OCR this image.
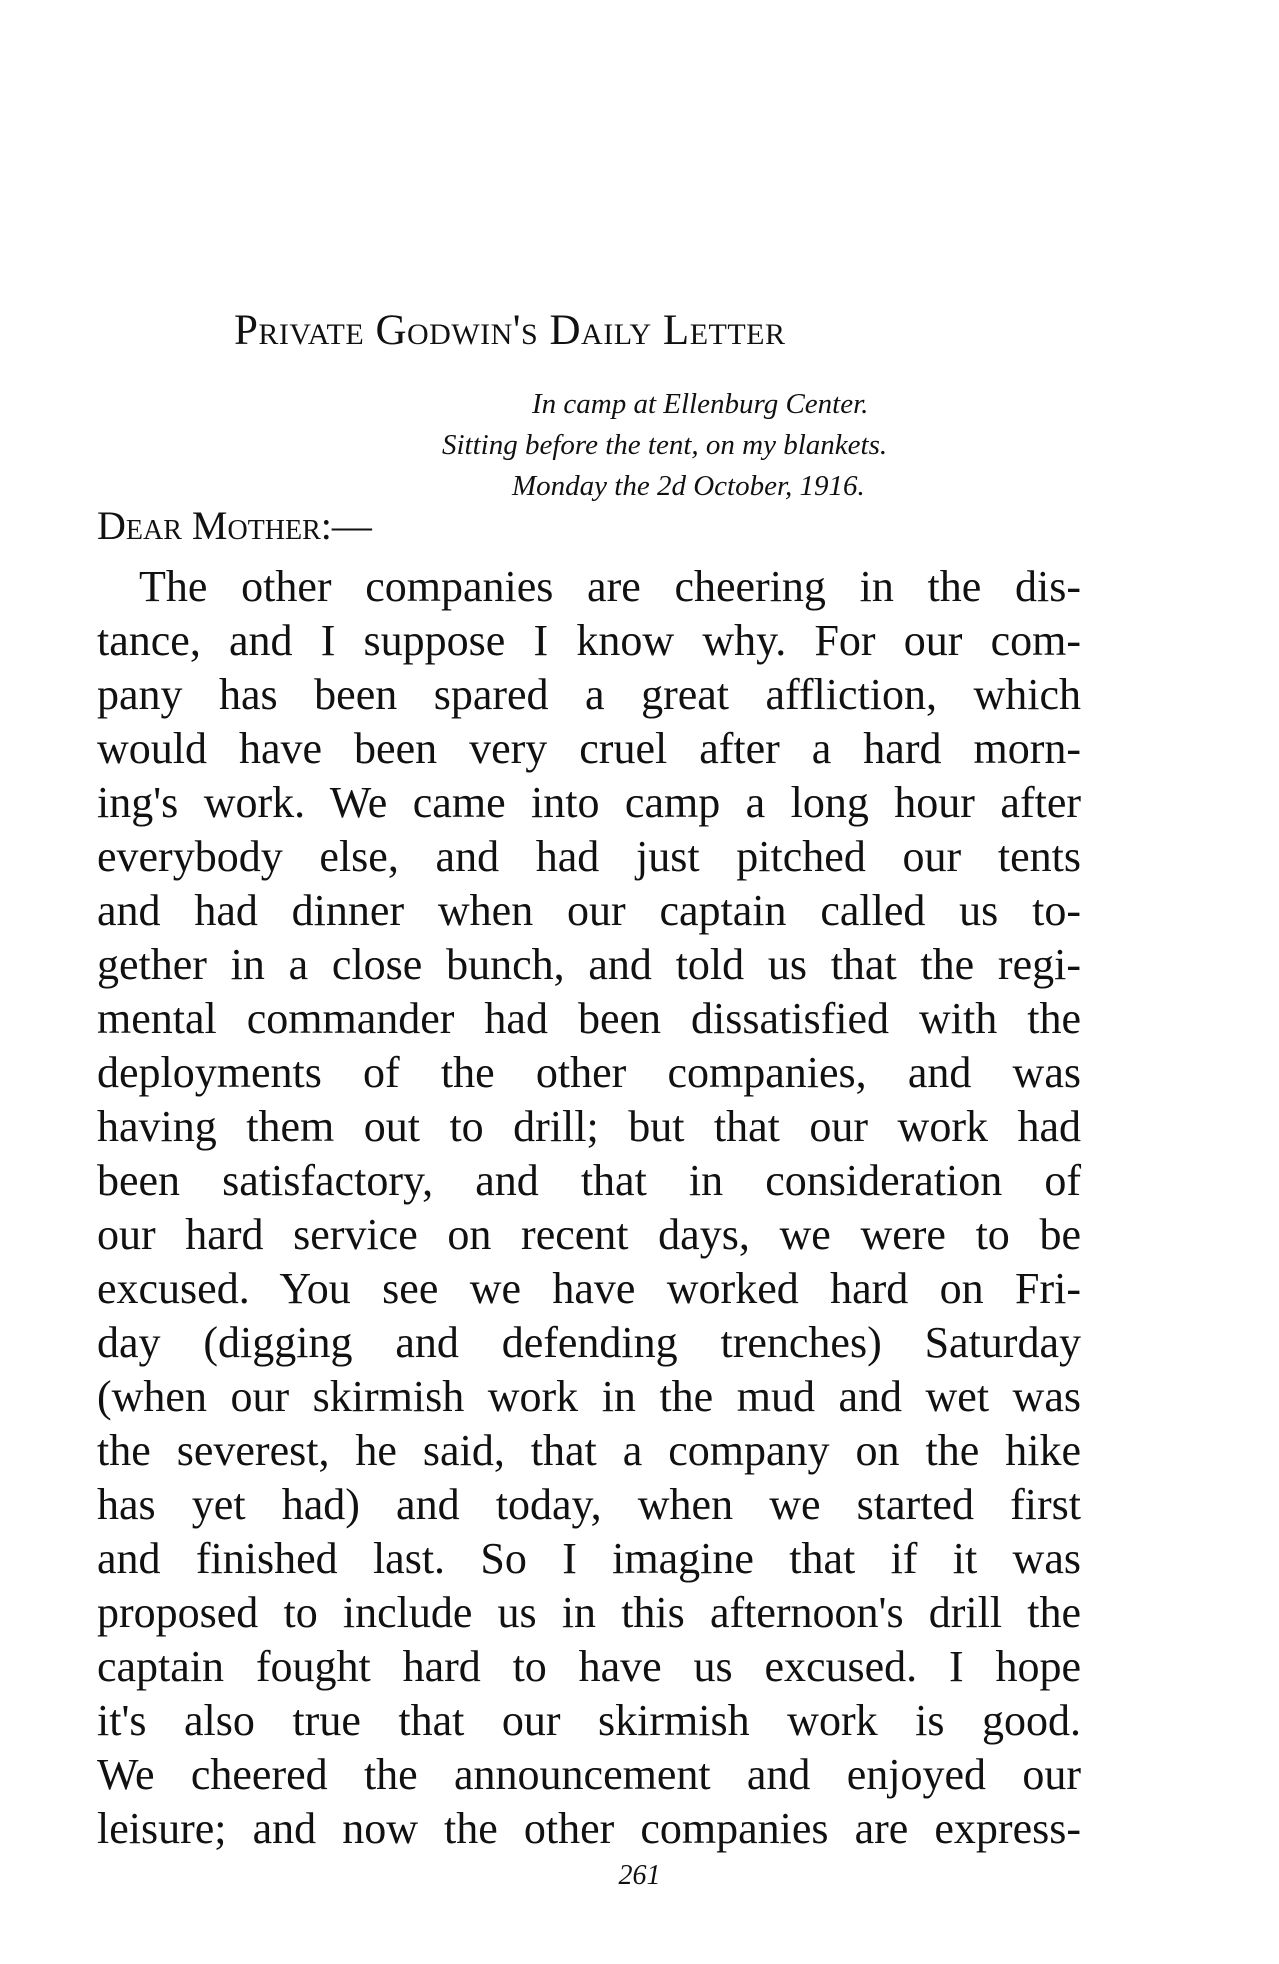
Private Godwin's Daily Letter
In camp at Ellenburg Center.
Sitting before the tent, on my blankets.
Monday the 2d October, 1916.
Dear Mother:—
The other companies are cheering in the dis-
tance, and I suppose I know why. For our com-
pany has been spared a great affliction, which
would have been very cruel after a hard morn-
ing's work. We came into camp a long hour after
everybody else, and had just pitched our tents
and had dinner when our captain called us to-
gether in a close bunch, and told us that the regi-
mental commander had been dissatisfied with the
deployments of the other companies, and was
having them out to drill; but that our work had
been satisfactory, and that in consideration of
our hard service on recent days, we were to be
excused. You see we have worked hard on Fri-
day (digging and defending trenches) Saturday
(when our skirmish work in the mud and wet was
the severest, he said, that a company on the hike
has yet had) and today, when we started first
and finished last. So I imagine that if it was
proposed to include us in this afternoon's drill the
captain fought hard to have us excused. I hope
it's also true that our skirmish work is good.
We cheered the announcement and enjoyed our
leisure; and now the other companies are express-
261
